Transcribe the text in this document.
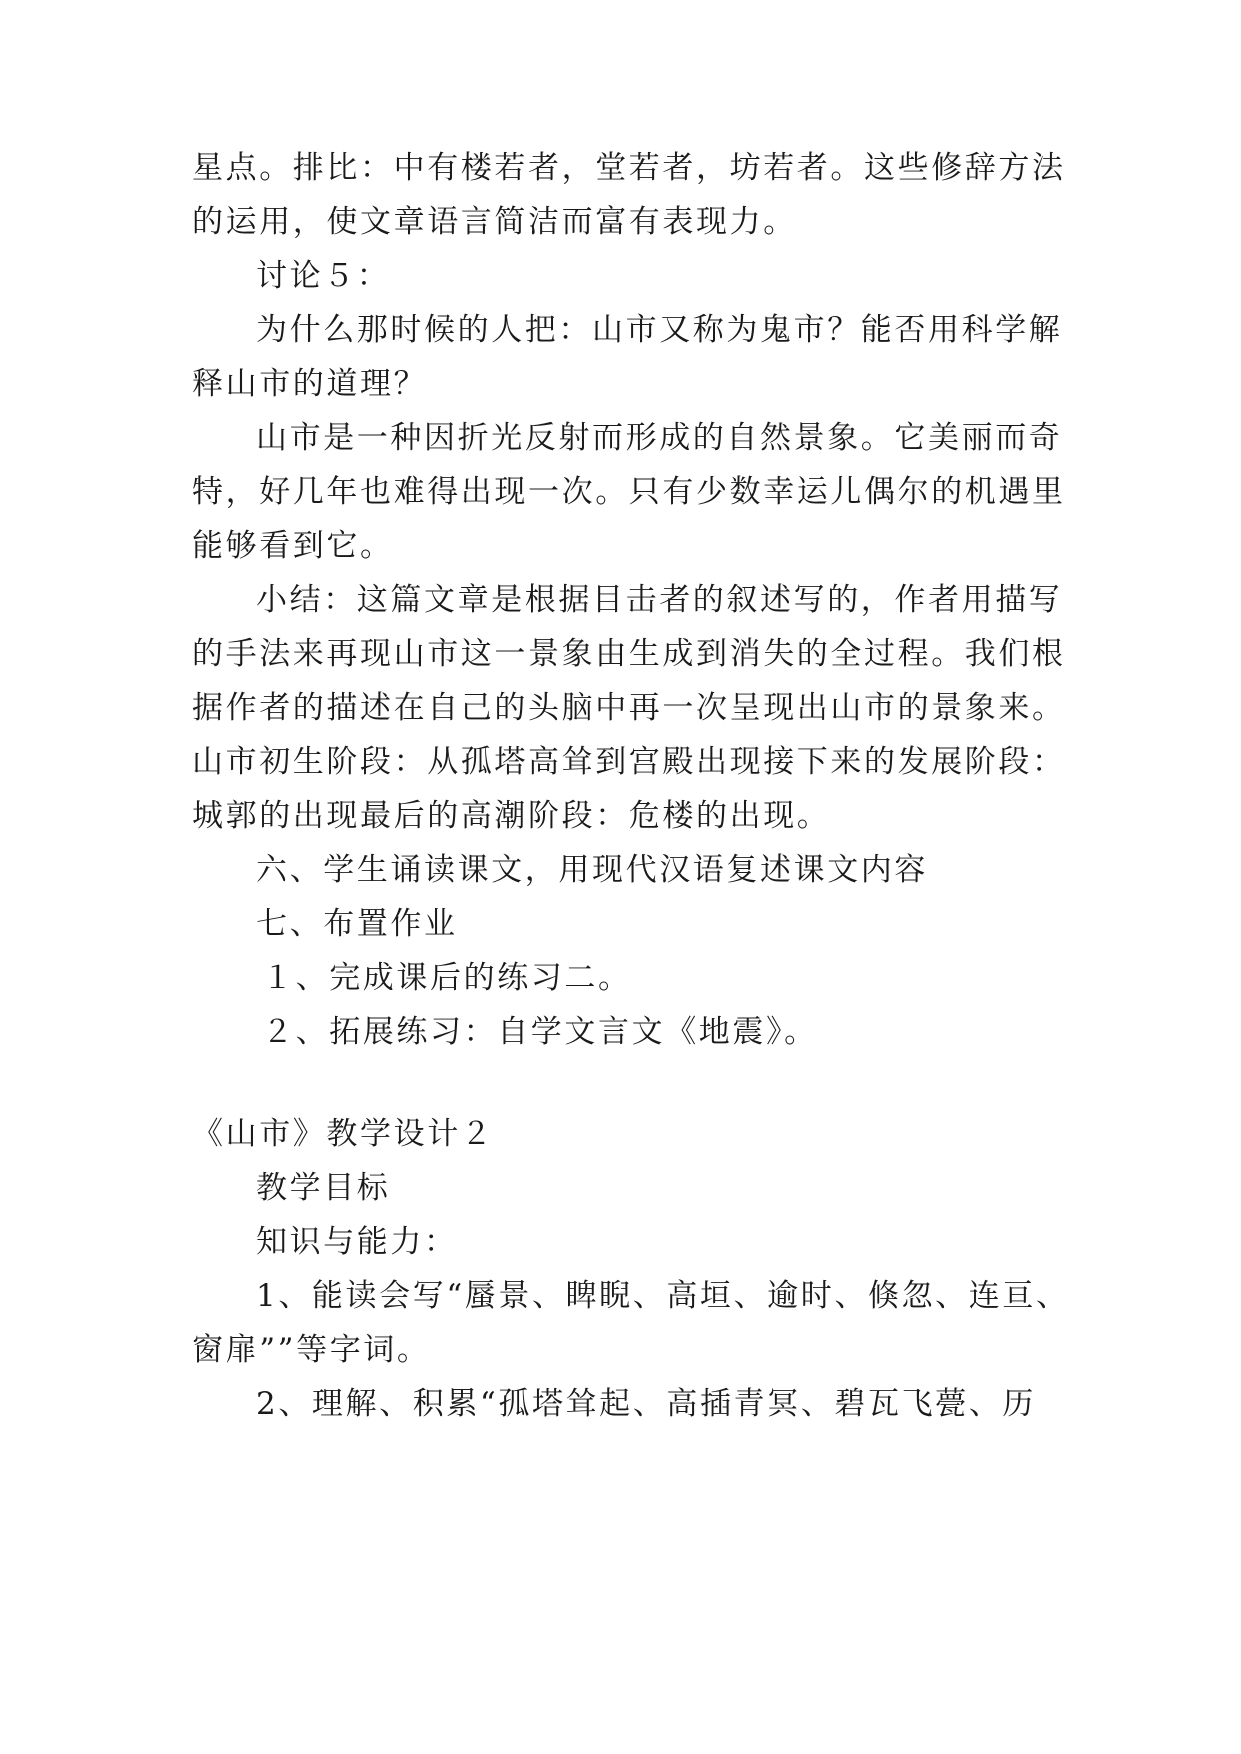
星点。排比：中有楼若者，堂若者，坊若者。这些修辞方法
的运用，使文章语言简洁而富有表现力。
讨论５：
为什么那时候的人把：山市又称为鬼市？能否用科学解
释山市的道理？
山市是一种因折光反射而形成的自然景象。它美丽而奇
特，好几年也难得出现一次。只有少数幸运儿偶尔的机遇里
能够看到它。
小结：这篇文章是根据目击者的叙述写的，作者用描写
的手法来再现山市这一景象由生成到消失的全过程。我们根
据作者的描述在自己的头脑中再一次呈现出山市的景象来。
山市初生阶段：从孤塔高耸到宫殿出现接下来的发展阶段：
城郭的出现最后的高潮阶段：危楼的出现。
六、学生诵读课文，用现代汉语复述课文内容
七、布置作业
１、完成课后的练习二。
２、拓展练习：自学文言文《地震》。
《山市》教学设计２
教学目标
知识与能力：
1、能读会写“蜃景、睥睨、高垣、逾时、倏忽、连亘、
窗扉””等字词。
2、理解、积累“孤塔耸起、高插青冥、碧瓦飞甍、历
